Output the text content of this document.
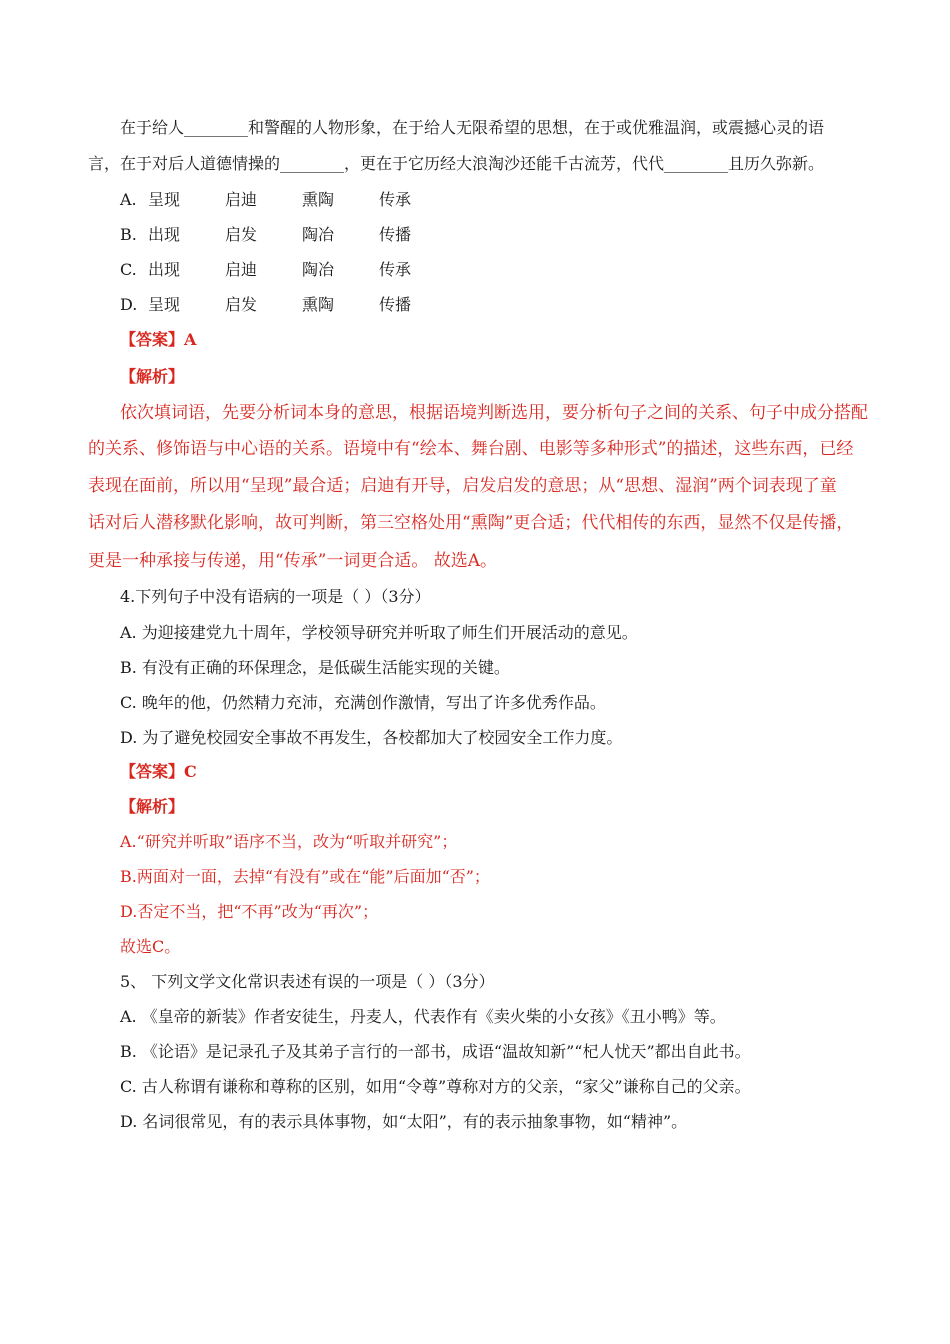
在于给人________和警醒的人物形象，在于给人无限希望的思想，在于或优雅温润，或震撼心灵的语
言，在于对后人道德情操的________，更在于它历经大浪淘沙还能千古流芳，代代________且历久弥新。
A. 呈现	启迪	熏陶	传承
B. 出现	启发	陶冶	传播
C. 出现	启迪	陶冶	传承
D. 呈现	启发	熏陶	传播
【答案】A
【解析】
依次填词语，先要分析词本身的意思，根据语境判断选用，要分析句子之间的关系、句子中成分搭配
的关系、修饰语与中心语的关系。语境中有“绘本、舞台剧、电影等多种形式”的描述，这些东西，已经
表现在面前，所以用“呈现”最合适；启迪有开导，启发启发的意思；从“思想、湿润”两个词表现了童
话对后人潜移默化影响，故可判断，第三空格处用“熏陶”更合适；代代相传的东西，显然不仅是传播，
更是一种承接与传递，用“传承”一词更合适。 故选A。
4.下列句子中没有语病的一项是（ ）（3分）
A. 为迎接建党九十周年，学校领导研究并听取了师生们开展活动的意见。
B. 有没有正确的环保理念，是低碳生活能实现的关键。
C. 晚年的他，仍然精力充沛，充满创作激情，写出了许多优秀作品。
D. 为了避免校园安全事故不再发生，各校都加大了校园安全工作力度。
【答案】C
【解析】
A.“研究并听取”语序不当，改为“听取并研究”；
B.两面对一面，去掉“有没有”或在“能”后面加“否”；
D.否定不当，把“不再”改为“再次”；
故选C。
5、 下列文学文化常识表述有误的一项是（ ）（3分）
A. 《皇帝的新装》作者安徒生，丹麦人，代表作有《卖火柴的小女孩》《丑小鸭》等。
B. 《论语》是记录孔子及其弟子言行的一部书，成语“温故知新”“杞人忧天”都出自此书。
C. 古人称谓有谦称和尊称的区别，如用“令尊”尊称对方的父亲，“家父”谦称自己的父亲。
D. 名词很常见，有的表示具体事物，如“太阳”，有的表示抽象事物，如“精神”。
